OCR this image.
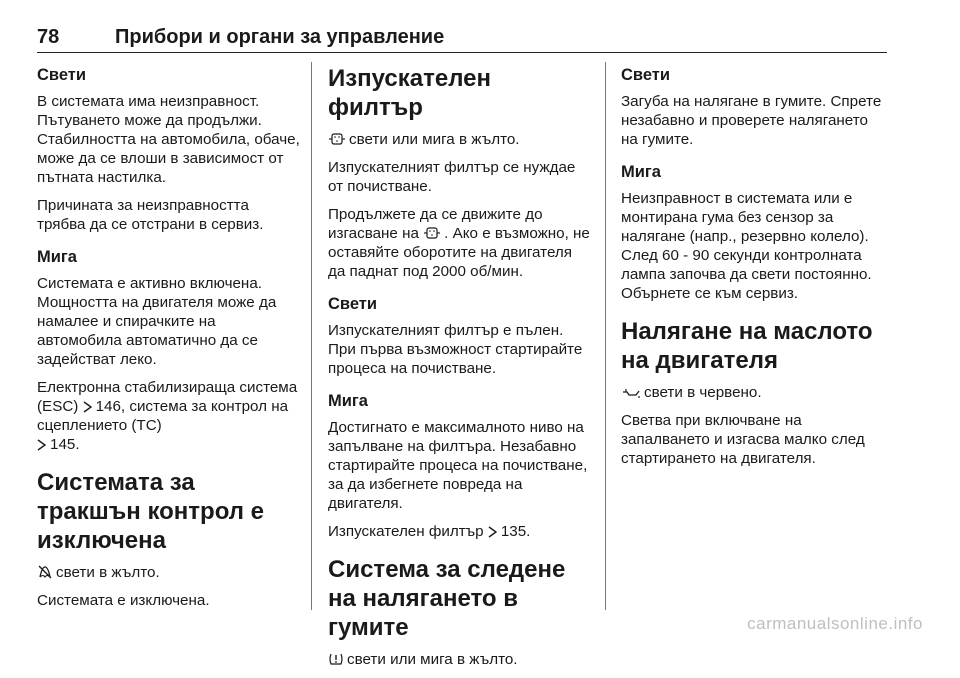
78	Прибори и органи за управление
Свети

В системата има неизправност. Пътуването може да продължи. Стабилността на автомобила, обаче, може да се влоши в зависимост от пътната настилка.

Причината за неизправността трябва да се отстрани в сервиз.

Мига

Системата е активно включена. Мощността на двигателя може да намалее и спирачките на автомобила автоматично да се задействат леко.

Електронна стабилизираща система (ESC) 146, система за контрол на сцеплението (TC)
145.

Системата за тракшън контрол е изключена

свети в жълто.

Системата е изключена.

Изпускателен филтър

свети или мига в жълто.

Изпускателният филтър се нуждае от почистване.

Продължете да се движите до изгасване на . Ако е възможно, не оставяйте оборотите на двигателя да паднат под 2000 об/мин.

Свети

Изпускателният филтър е пълен. При първа възможност стартирайте процеса на почистване.

Мига

Достигнато е максималното ниво на запълване на филтъра. Незабавно стартирайте процеса на почистване, за да избегнете повреда на двигателя.

Изпускателен филтър 135.

Система за следене на налягането в гумите

свети или мига в жълто.

Свети

Загуба на налягане в гумите. Спрете незабавно и проверете налягането на гумите.

Мига

Неизправност в системата или е монтирана гума без сензор за налягане (напр., резервно колело). След 60 - 90 секунди контролната лампа започва да свети постоянно. Обърнете се към сервиз.

Налягане на маслото на двигателя

свети в червено.

Светва при включване на запалването и изгасва малко след стартирането на двигателя.

carmanualsonline.info
